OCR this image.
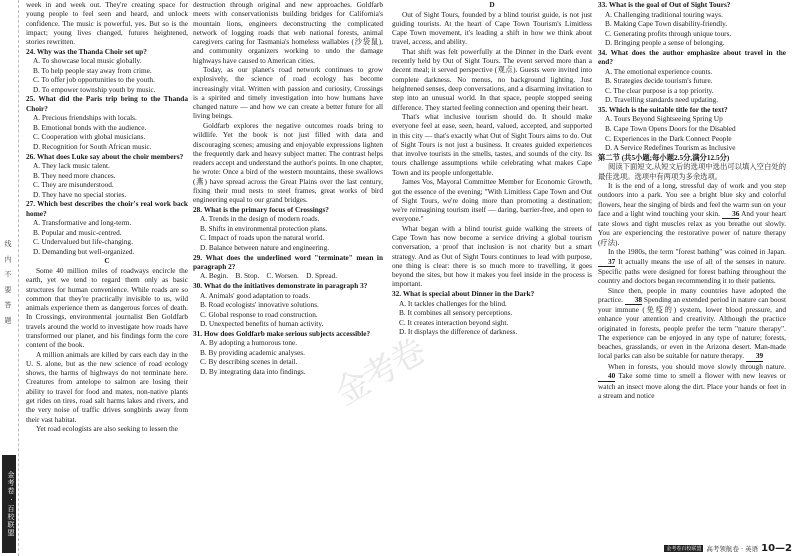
线 内 不 要 答 题
金考卷 · 百校联盟
金考卷

week in and week out. They're creating space for young people to feel seen and heard, and unlock confidence. The music is powerful, yes. But so is the impact; young lives changed, futures heightened, stories rewritten.

24. Why was the Thanda Choir set up?

A. To showcase local music globally.

B. To help people stay away from crime.

C. To offer job opportunities to the youth.

D. To empower township youth by music.

25. What did the Paris trip bring to the Thanda Choir?

A. Precious friendships with locals.

B. Emotional bonds with the audience.

C. Cooperation with global musicians.

D. Recognition for South African music.

26. What does Luke say about the choir members?

A. They lack music talent.

B. They need more chances.

C. They are misunderstood.

D. They have no special stories.

27. Which best describes the choir's real work back home?

A. Transformative and long-term.

B. Popular and music-centred.

C. Undervalued but life-changing.

D. Demanding but well-organized.

C

Some 40 million miles of roadways encircle the earth, yet we tend to regard them only as basic structures for human convenience. While roads are so common that they're practically invisible to us, wild animals experience them as dangerous forces of death. In Crossings, environmental journalist Ben Goldfarb travels around the world to investigate how roads have transformed our planet, and his findings form the core content of the book.

A million animals are killed by cars each day in the U. S. alone, but as the new science of road ecology shows, the harms of highways do not terminate here. Creatures from antelope to salmon are losing their ability to travel for food and mates, non-native plants get rides on tires, road salt harms lakes and rivers, and the very noise of traffic drives songbirds away from their vast habitat.

Yet road ecologists are also seeking to lessen the

destruction through original and new approaches. Goldfarb meets with conservationists building bridges for California's mountain lions, engineers deconstructing the complicated network of logging roads that web national forests, animal caregivers caring for Tasmania's homeless wallabies (沙袋鼠), and community organizers working to undo the damage highways have caused to American cities.

Today, as our planet's road network continues to grow explosively, the science of road ecology has become increasingly vital. Written with passion and curiosity, Crossings is a spirited and timely investigation into how humans have changed nature — and how we can create a better future for all living beings.

Goldfarb explores the negative outcomes roads bring to wildlife. Yet the book is not just filled with data and discouraging scenes; amusing and enjoyable expressions lighten the frequently dark and heavy subject matter. The contrast helps readers accept and understand the author's points. In one chapter, he wrote: Once a bird of the western mountains, these swallows (燕) have spread across the Great Plains over the last century, fixing their mud nests to steel frames, great works of bird engineering equal to our grand bridges.

28. What is the primary focus of Crossings?

A. Trends in the design of modern roads.

B. Shifts in environmental protection plans.

C. Impact of roads upon the natural world.

D. Balance between nature and engineering.

29. What does the underlined word "terminate" mean in paragraph 2?

A. Begin.    B. Stop.    C. Worsen.    D. Spread.

30. What do the initiatives demonstrate in paragraph 3?

A. Animals' good adaptation to roads.

B. Road ecologists' innovative solutions.

C. Global response to road construction.

D. Unexpected benefits of human activity.

31. How does Goldfarb make serious subjects accessible?

A. By adopting a humorous tone.

B. By providing academic analyses.

C. By describing scenes in detail.

D. By integrating data into findings.

D

Out of Sight Tours, founded by a blind tourist guide, is not just guiding tourists. At the heart of Cape Town Tourism's Limitless Cape Town movement, it's leading a shift in how we think about travel, access, and ability.

That shift was felt powerfully at the Dinner in the Dark event recently held by Out of Sight Tours. The event served more than a decent meal; it served perspective (观点). Guests were invited into complete darkness. No menus, no background lighting. Just heightened senses, deep conversations, and a disarming invitation to step into an unusual world. In that space, people stopped seeing difference. They started feeling connection and opening their heart.

That's what inclusive tourism should do. It should make everyone feel at ease, seen, heard, valued, accepted, and supported in this city — that's exactly what Out of Sight Tours aims to do. Out of Sight Tours is not just a business. It creates guided experiences that involve tourists in the smells, tastes, and sounds of the city. Its tours challenge assumptions while celebrating what makes Cape Town and its people unforgettable.

James Vos, Mayoral Committee Member for Economic Growth, got the essence of the evening; "With Limitless Cape Town and Out of Sight Tours, we're doing more than promoting a destination; we're reimagining tourism itself — daring, barrier-free, and open to everyone."

What began with a blind tourist guide walking the streets of Cape Town has now become a service driving a global tourism conversation, a proof that inclusion is not charity but a smart strategy. And as Out of Sight Tours continues to lead with purpose, one thing is clear: there is so much more to travelling, it goes beyond the sites, but how it makes you feel inside in the process is important.

32. What is special about Dinner in the Dark?

A. It tackles challenges for the blind.

B. It combines all sensory perceptions.

C. It creates interaction beyond sight.

D. It displays the difference of darkness.

33. What is the goal of Out of Sight Tours?

A. Challenging traditional touring ways.

B. Making Cape Town disability-friendly.

C. Generating profits through unique tours.

D. Bringing people a sense of belonging.

34. What does the author emphasize about travel in the end?

A. The emotional experience counts.

B. Strategies decide tourism's future.

C. The clear purpose is a top priority.

D. Travelling standards need updating.

35. Which is the suitable title for the text?

A. Tours Beyond Sightseeing Spring Up

B. Cape Town Opens Doors for the Disabled

C. Experiences in the Dark Connect People

D. A Service Redefines Tourism as Inclusive

第二节 (共5小题;每小题2.5分,满分12.5分)

阅读下面短文,从短文后的选项中选出可以填入空白处的最佳选项。选项中有两项为多余选项。

It is the end of a long, stressful day of work and you step outdoors into a park. You see a bright blue sky and colorful flowers, hear the singing of birds and feel the warm sun on your face and a light wind touching your skin. 36 And your heart rate slows and tight muscles relax as you breathe out slowly. You are experiencing the restorative power of nature therapy (疗法).

In the 1980s, the term "forest bathing" was coined in Japan. 37 It actually means the use of all of the senses in nature. Specific paths were designed for forest bathing throughout the country and doctors began recommending it to their patients.

Since then, people in many countries have adopted the practice. 38 Spending an extended period in nature can boost your immune (免疫的) system, lower blood pressure, and enhance your attention and creativity. Although the practice originated in forests, people prefer the term "nature therapy". The experience can be enjoyed in any type of nature; forests, beaches, grasslands, or even in the Arizona desert. Man-made local parks can also be suitable for nature therapy. 39

When in forests, you should move slowly through nature. 40 Take some time to smell a flower with new leaves or watch an insect move along the dirt. Place your hands or feet in a stream and notice

金考卷百校联盟 高考领航卷 · 英语 10—2
